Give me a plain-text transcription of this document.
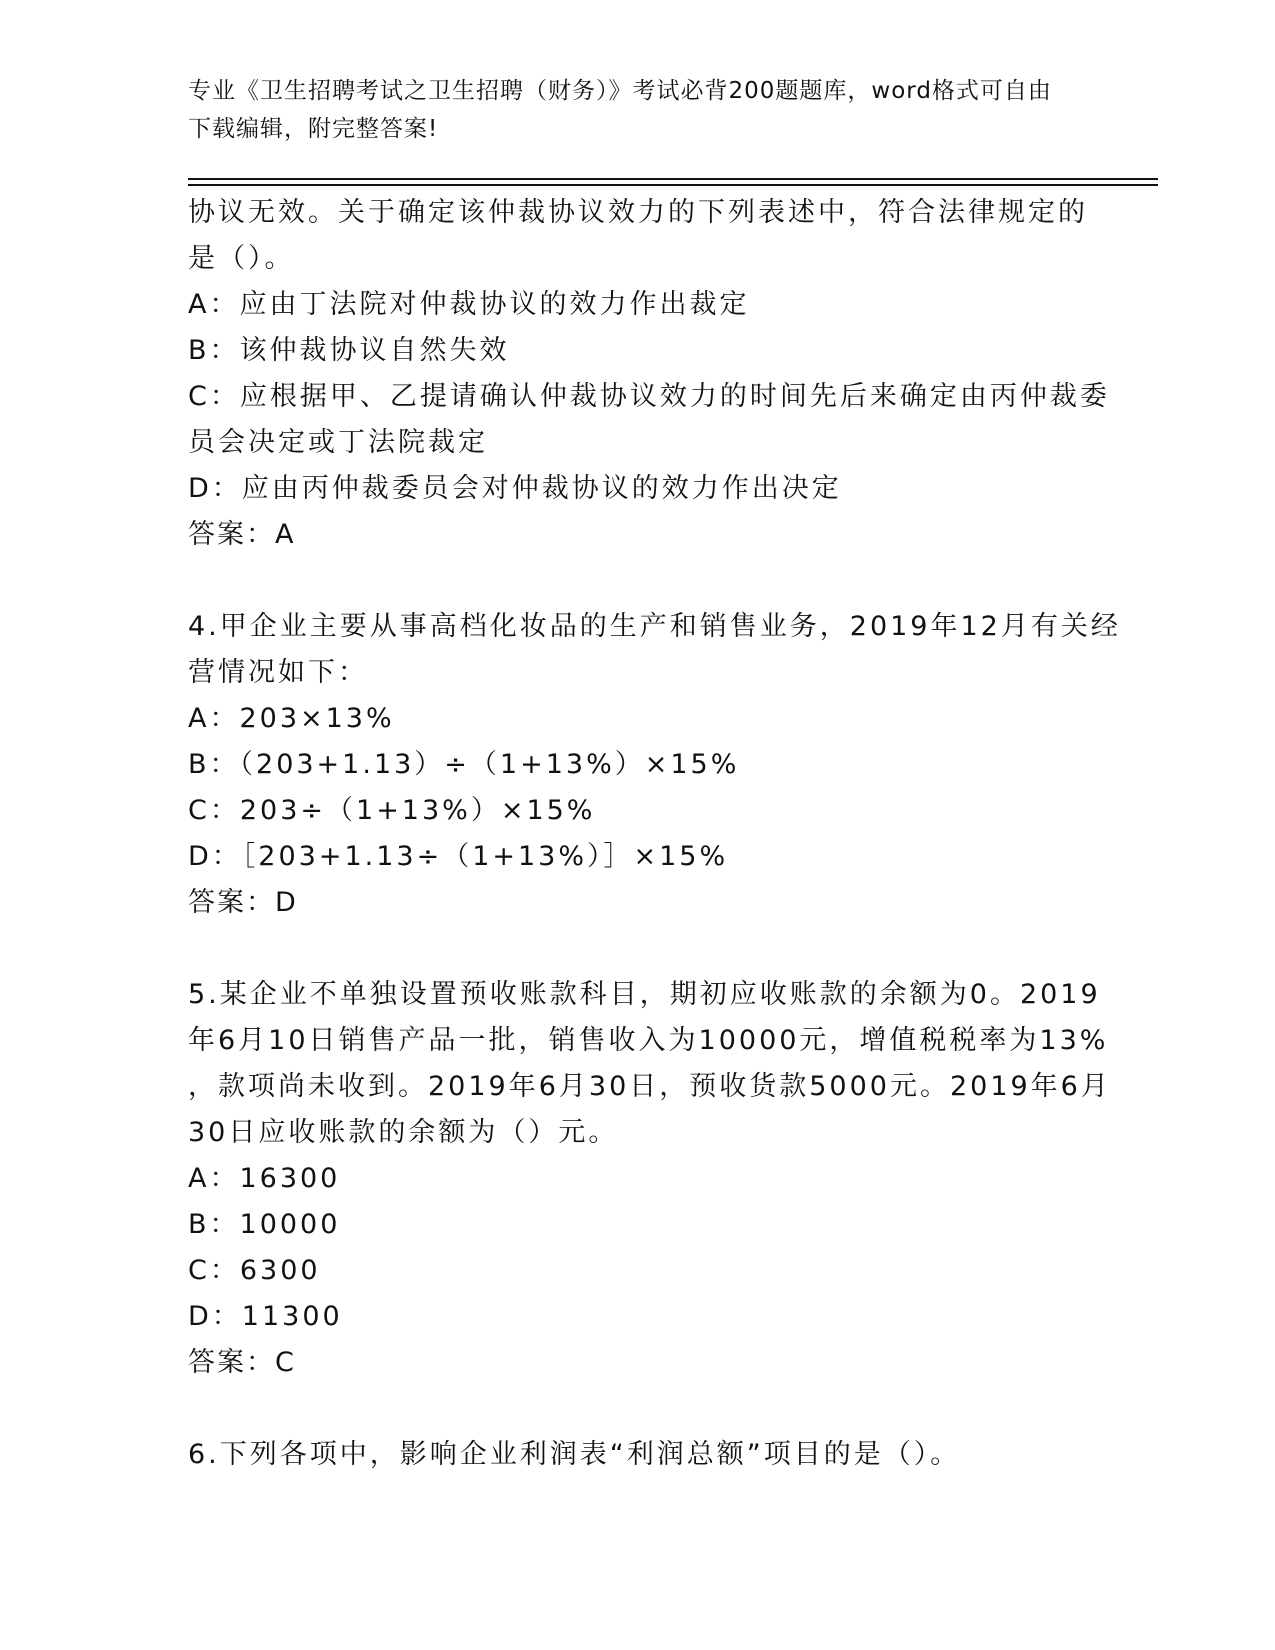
专业《卫生招聘考试之卫生招聘（财务）》考试必背200题题库，word格式可自由下载编辑，附完整答案!
协议无效。关于确定该仲裁协议效力的下列表述中，符合法律规定的
是（）。
A：应由丁法院对仲裁协议的效力作出裁定
B：该仲裁协议自然失效
C：应根据甲、乙提请确认仲裁协议效力的时间先后来确定由丙仲裁委
员会决定或丁法院裁定
D：应由丙仲裁委员会对仲裁协议的效力作出决定
答案：A
4.甲企业主要从事高档化妆品的生产和销售业务，2019年12月有关经
营情况如下：
A：203×13%
B：（203+1.13）÷（1+13%）×15%
C：203÷（1+13%）×15%
D：［203+1.13÷（1+13%）］×15%
答案：D
5.某企业不单独设置预收账款科目，期初应收账款的余额为0。2019
年6月10日销售产品一批，销售收入为10000元，增值税税率为13%
，款项尚未收到。2019年6月30日，预收货款5000元。2019年6月
30日应收账款的余额为（）元。
A：16300
B：10000
C：6300
D：11300
答案：C
6.下列各项中，影响企业利润表“利润总额”项目的是（）。
